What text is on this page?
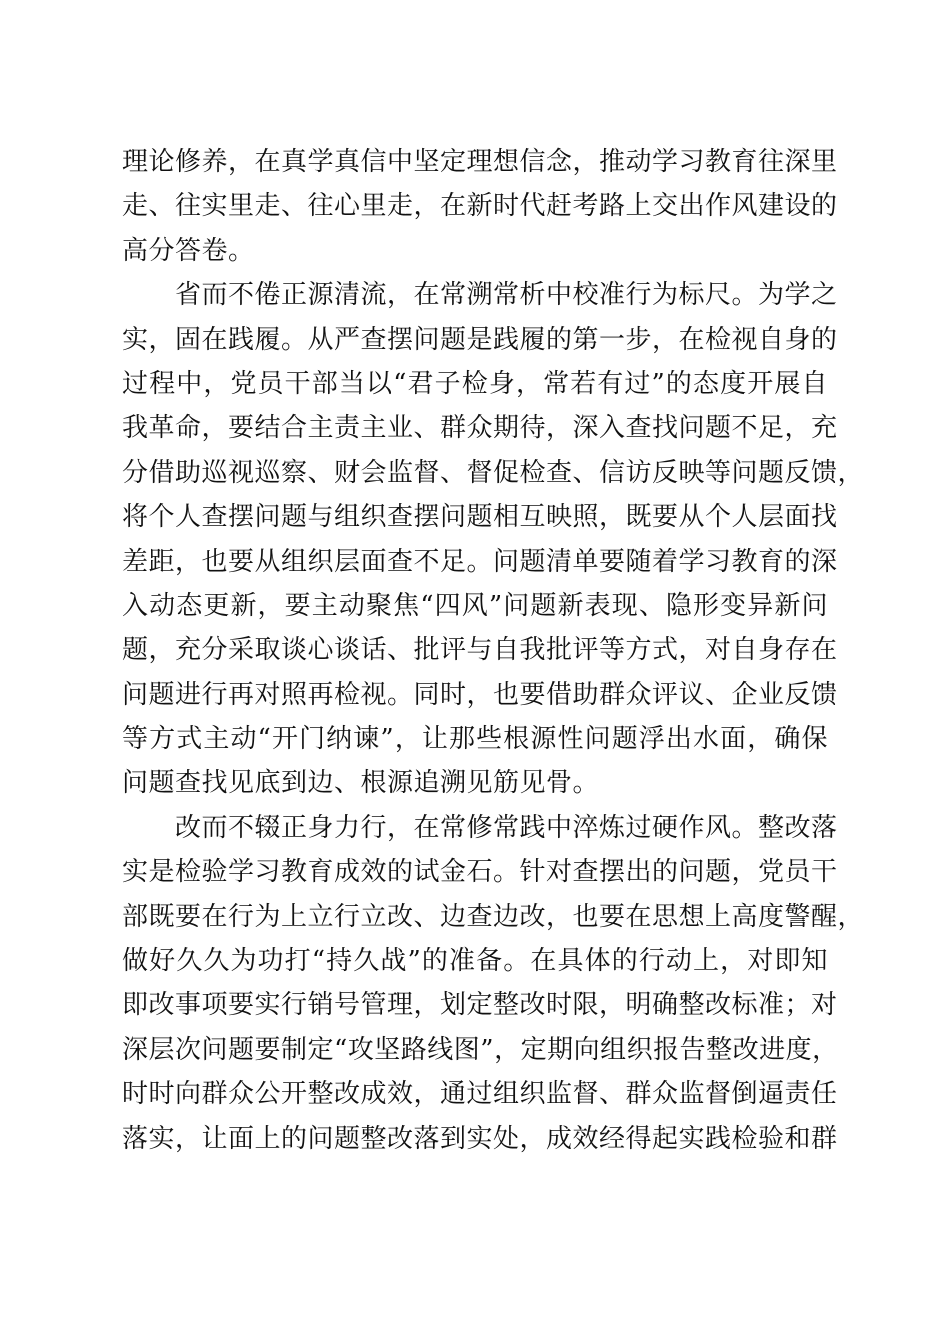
理论修养，在真学真信中坚定理想信念，推动学习教育往深里
走、往实里走、往心里走，在新时代赶考路上交出作风建设的
高分答卷。
　　省而不倦正源清流，在常溯常析中校准行为标尺。为学之
实，固在践履。从严查摆问题是践履的第一步，在检视自身的
过程中，党员干部当以“君子检身，常若有过”的态度开展自
我革命，要结合主责主业、群众期待，深入查找问题不足，充
分借助巡视巡察、财会监督、督促检查、信访反映等问题反馈，
将个人查摆问题与组织查摆问题相互映照，既要从个人层面找
差距，也要从组织层面查不足。问题清单要随着学习教育的深
入动态更新，要主动聚焦“四风”问题新表现、隐形变异新问
题，充分采取谈心谈话、批评与自我批评等方式，对自身存在
问题进行再对照再检视。同时，也要借助群众评议、企业反馈
等方式主动“开门纳谏”，让那些根源性问题浮出水面，确保
问题查找见底到边、根源追溯见筋见骨。
　　改而不辍正身力行，在常修常践中淬炼过硬作风。整改落
实是检验学习教育成效的试金石。针对查摆出的问题，党员干
部既要在行为上立行立改、边查边改，也要在思想上高度警醒，
做好久久为功打“持久战”的准备。在具体的行动上，对即知
即改事项要实行销号管理，划定整改时限，明确整改标准；对
深层次问题要制定“攻坚路线图”，定期向组织报告整改进度，
时时向群众公开整改成效，通过组织监督、群众监督倒逼责任
落实，让面上的问题整改落到实处，成效经得起实践检验和群
